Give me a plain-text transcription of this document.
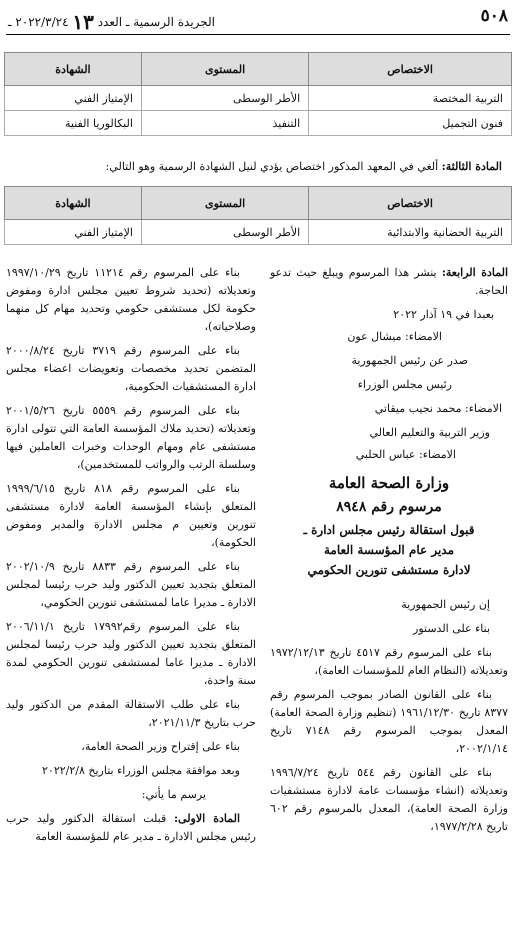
٥٠٨
الجريدة الرسمية ـ العدد ١٣ ٢٠٢٢/٣/٢٤ ـ
الاختصاص	المستوى	الشهادة
التربية المختصة	الأطر الوسطى	الإمتياز الفني
فنون التجميل	التنفيذ	البكالوريا الفنية
المادة الثالثة: ألغي في المعهد المذكور اختصاص يؤدي لنيل الشهادة الرسمية وهو التالي:
الاختصاص	المستوى	الشهادة
التربية الحضانية والابتدائية	الأطر الوسطى	الإمتياز الفني

المادة الرابعة: ينشر هذا المرسوم ويبلغ حيث تدعو الحاجة.

بعبدا في ١٩ آذار ٢٠٢٢
الامضاء: ميشال عون
صدر عن رئيس الجمهورية
رئيس مجلس الوزراء
الامضاء: محمد نجيب ميقاتي
وزير التربية والتعليم العالي
الامضاء: عباس الحلبي
وزارة الصحة العامة
مرسوم رقم ٨٩٤٨
قبول استقالة رئيس مجلس ادارة ـ
مدير عام المؤسسة العامة
لادارة مستشفى تنورين الحكومي
إن رئيس الجمهورية
بناء على الدستور

بناء على المرسوم رقم ٤٥١٧ تاريخ ١٩٧٢/١٢/١٣ وتعديلاته (النظام العام للمؤسسات العامة)،

بناء على القانون الصادر بموجب المرسوم رقم ٨٣٧٧ تاريخ ١٩٦١/١٢/٣٠ (تنظيم وزارة الصحة العامة) المعدل بموجب المرسوم رقم ٧١٤٨ تاريخ ٢٠٠٢/١/١٤،

بناء على القانون رقم ٥٤٤ تاريخ ١٩٩٦/٧/٢٤ وتعديلاته (انشاء مؤسسات عامة لادارة مستشفيات وزارة الصحة العامة)، المعدل بالمرسوم رقم ٦٠٢ تاريخ ١٩٧٧/٢/٢٨،

بناء على المرسوم رقم ١١٢١٤ تاريخ ١٩٩٧/١٠/٢٩ وتعديلاته (تحديد شروط تعيين مجلس ادارة ومفوض حكومة لكل مستشفى حكومي وتحديد مهام كل منهما وصلاحياته)،

بناء على المرسوم رقم ٣٧١٩ تاريخ ٢٠٠٠/٨/٢٤ المتضمن تحديد مخصصات وتعويضات اعضاء مجلس ادارة المستشفيات الحكومية،

بناء على المرسوم رقم ٥٥٥٩ تاريخ ٢٠٠١/٥/٢٦ وتعديلاته (تحديد ملاك المؤسسة العامة التي تتولى ادارة مستشفى عام ومهام الوحدات وخبرات العاملين فيها وسلسلة الرتب والرواتب للمستخدمين)،

بناء على المرسوم رقم ٨١٨ تاريخ ١٩٩٩/٦/١٥ المتعلق بإنشاء المؤسسة العامة لادارة مستشفى تنورين وتعيين م مجلس الادارة والمدير ومفوض الحكومة)،

بناء على المرسوم رقم ٨٨٣٣ تاريخ ٢٠٠٢/١٠/٩ المتعلق بتجديد تعيين الدكتور وليد حرب رئيسا لمجلس الادارة ـ مديرا عاما لمستشفى تنورين الحكومي،

بناء على المرسوم رقم١٧٩٩٢ تاريخ ٢٠٠٦/١١/١ المتعلق بتجديد تعيين الدكتور وليد حرب رئيسا لمجلس الادارة ـ مديرا عاما لمستشفى تنورين الحكومي لمدة سنة واحدة،

بناء على طلب الاستقالة المقدم من الدكتور وليد حرب بتاريخ ٢٠٢١/١١/٣،

بناء على إقتراح وزير الصحة العامة،

وبعد موافقة مجلس الوزراء بتاريخ ٢٠٢٢/٢/٨

يرسم ما يأتي:

المادة الاولى: قبلت استقالة الدكتور وليد حرب رئيس مجلس الادارة ـ مدير عام للمؤسسة العامة
